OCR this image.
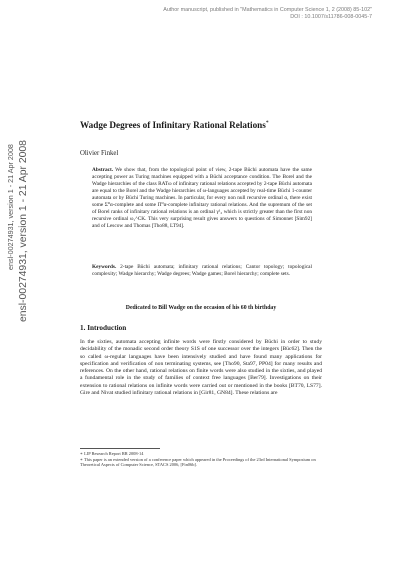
Author manuscript, published in "Mathematics in Computer Science 1, 2 (2008) 85-102"
DOI : 10.1007/s11786-008-0045-7
ensl-00274931, version 1 - 21 Apr 2008 ensl-00274931, version 1 - 21 Apr 2008
Wadge Degrees of Infinitary Rational Relations*
Olivier Finkel
Abstract. We show that, from the topological point of view, 2-tape Büchi automata have the same accepting power as Turing machines equipped with a Büchi acceptance condition. The Borel and the Wadge hierarchies of the class RATω of infinitary rational relations accepted by 2-tape Büchi automata are equal to the Borel and the Wadge hierarchies of ω-languages accepted by real-time Büchi 1-counter automata or by Büchi Turing machines. In particular, for every non null recursive ordinal α, there exist some Σ⁰α-complete and some Π⁰α-complete infinitary rational relations. And the supremum of the set of Borel ranks of infinitary rational relations is an ordinal γ¹₂ which is strictly greater than the first non recursive ordinal ω₁^CK. This very surprising result gives answers to questions of Simonnet [Sim92] and of Lescow and Thomas [Tho88, LT94].
Keywords. 2-tape Büchi automata; infinitary rational relations; Cantor topology; topological complexity; Wadge hierarchy; Wadge degrees; Wadge games; Borel hierarchy; complete sets.
Dedicated to Bill Wadge on the occasion of his 60 th birthday
1. Introduction
In the sixties, automata accepting infinite words were firstly considered by Büchi in order to study decidability of the monadic second order theory S1S of one successor over the integers [Büc62]. Then the so called ω-regular languages have been intensively studied and have found many applications for specification and verification of non terminating systems, see [Tho90, Sta97, PP04] for many results and references. On the other hand, rational relations on finite words were also studied in the sixties, and played a fundamental role in the study of families of context free languages [Ber79]. Investigations on their extension to rational relations on infinite words were carried out or mentioned in the books [BT70, LS77]. Gire and Nivat studied infinitary rational relations in [Gir81, GN84]. These relations are
∗ LIP Research Report RR 2008-14
∗ This paper is an extended version of a conference paper which appeared in the Proceedings of the 23rd International Symposium on Theoretical Aspects of Computer Science, STACS 2006, [Fin06b].
